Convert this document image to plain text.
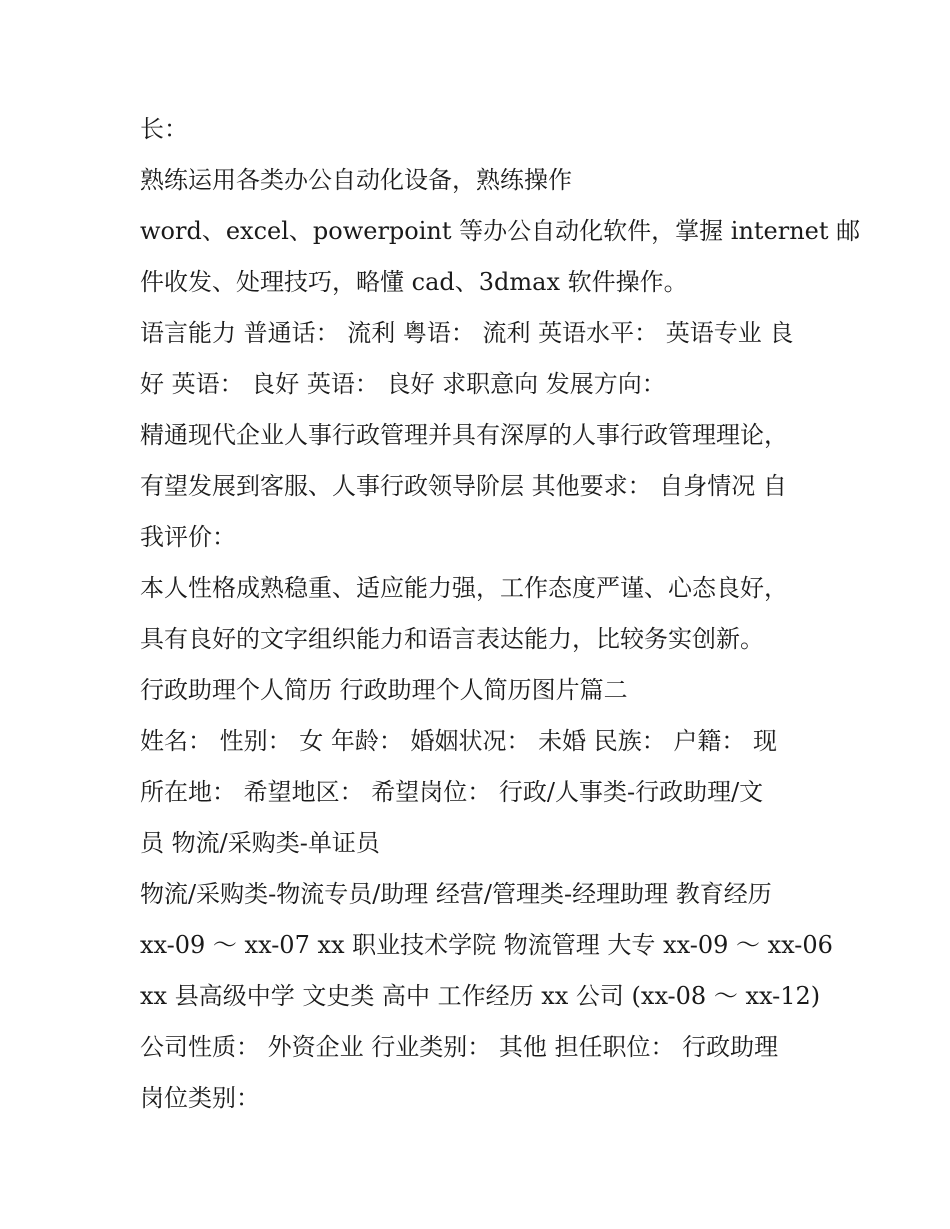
长：
熟练运用各类办公自动化设备，熟练操作
word、excel、powerpoint 等办公自动化软件，掌握 internet 邮
件收发、处理技巧，略懂 cad、3dmax 软件操作。
语言能力 普通话： 流利 粤语： 流利 英语水平： 英语专业 良
好 英语： 良好 英语： 良好 求职意向 发展方向：
精通现代企业人事行政管理并具有深厚的人事行政管理理论，
有望发展到客服、人事行政领导阶层 其他要求： 自身情况 自
我评价：
本人性格成熟稳重、适应能力强，工作态度严谨、心态良好，
具有良好的文字组织能力和语言表达能力，比较务实创新。
行政助理个人简历 行政助理个人简历图片篇二
姓名： 性别： 女 年龄： 婚姻状况： 未婚 民族： 户籍： 现
所在地： 希望地区： 希望岗位： 行政/人事类-行政助理/文
员 物流/采购类-单证员
物流/采购类-物流专员/助理 经营/管理类-经理助理 教育经历
xx-09 ～ xx-07 xx 职业技术学院 物流管理 大专 xx-09 ～ xx-06
xx 县高级中学 文史类 高中 工作经历 xx 公司 (xx-08 ～ xx-12)
公司性质： 外资企业 行业类别： 其他 担任职位： 行政助理
岗位类别：
